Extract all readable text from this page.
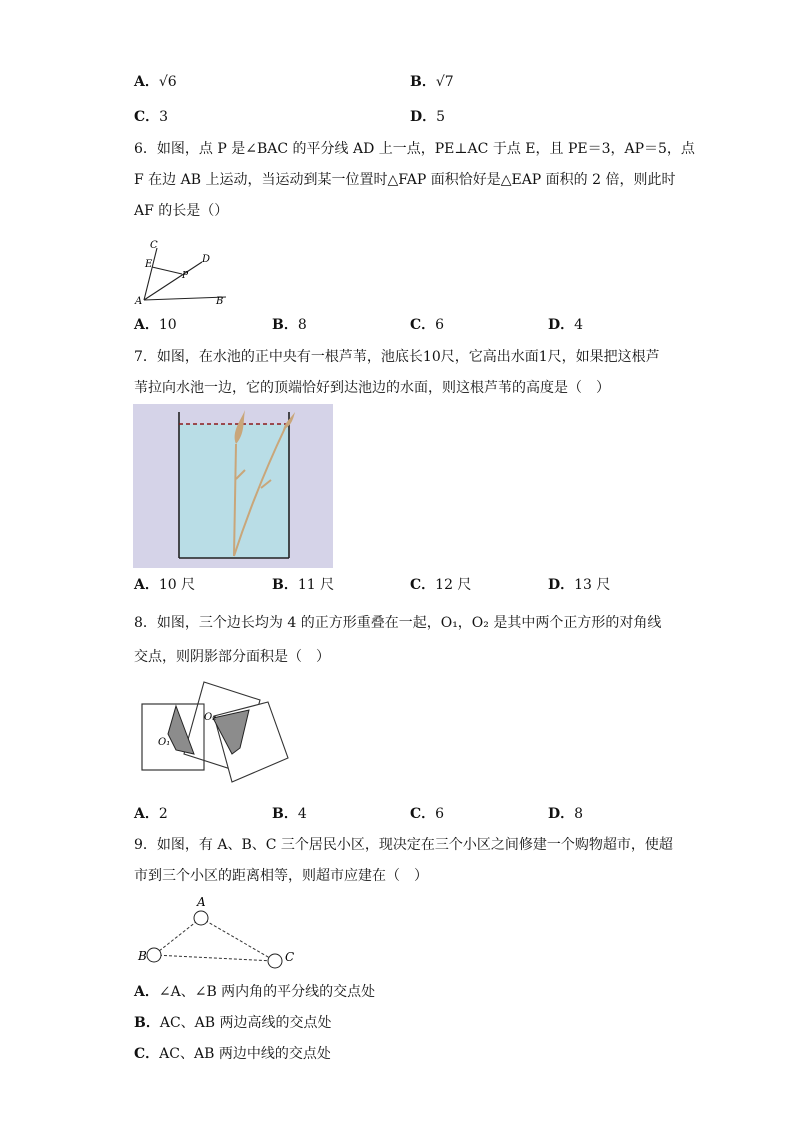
A．√6	B．√7
C．3	D．5
6．如图，点 P 是∠BAC 的平分线 AD 上一点，PE⊥AC 于点 E，且 PE＝3，AP＝5，点
F 在边 AB 上运动，当运动到某一位置时△FAP 面积恰好是△EAP 面积的 2 倍，则此时
AF 的长是（）
C
E	D
P
A	B
A．10	B．8	C．6	D．4
7．如图，在水池的正中央有一根芦苇，池底长10尺，它高出水面1尺，如果把这根芦
苇拉向水池一边，它的顶端恰好到达池边的水面，则这根芦苇的高度是（　）
A．10 尺	B．11 尺	C．12 尺	D．13 尺
8．如图，三个边长均为 4 的正方形重叠在一起，O₁，O₂ 是其中两个正方形的对角线
交点，则阴影部分面积是（　）
O₁
O₂
A．2	B．4	C．6	D．8
9．如图，有 A、B、C 三个居民小区，现决定在三个小区之间修建一个购物超市，使超
市到三个小区的距离相等，则超市应建在（　）
A
B	C
A．∠A、∠B 两内角的平分线的交点处
B．AC、AB 两边高线的交点处
C．AC、AB 两边中线的交点处
